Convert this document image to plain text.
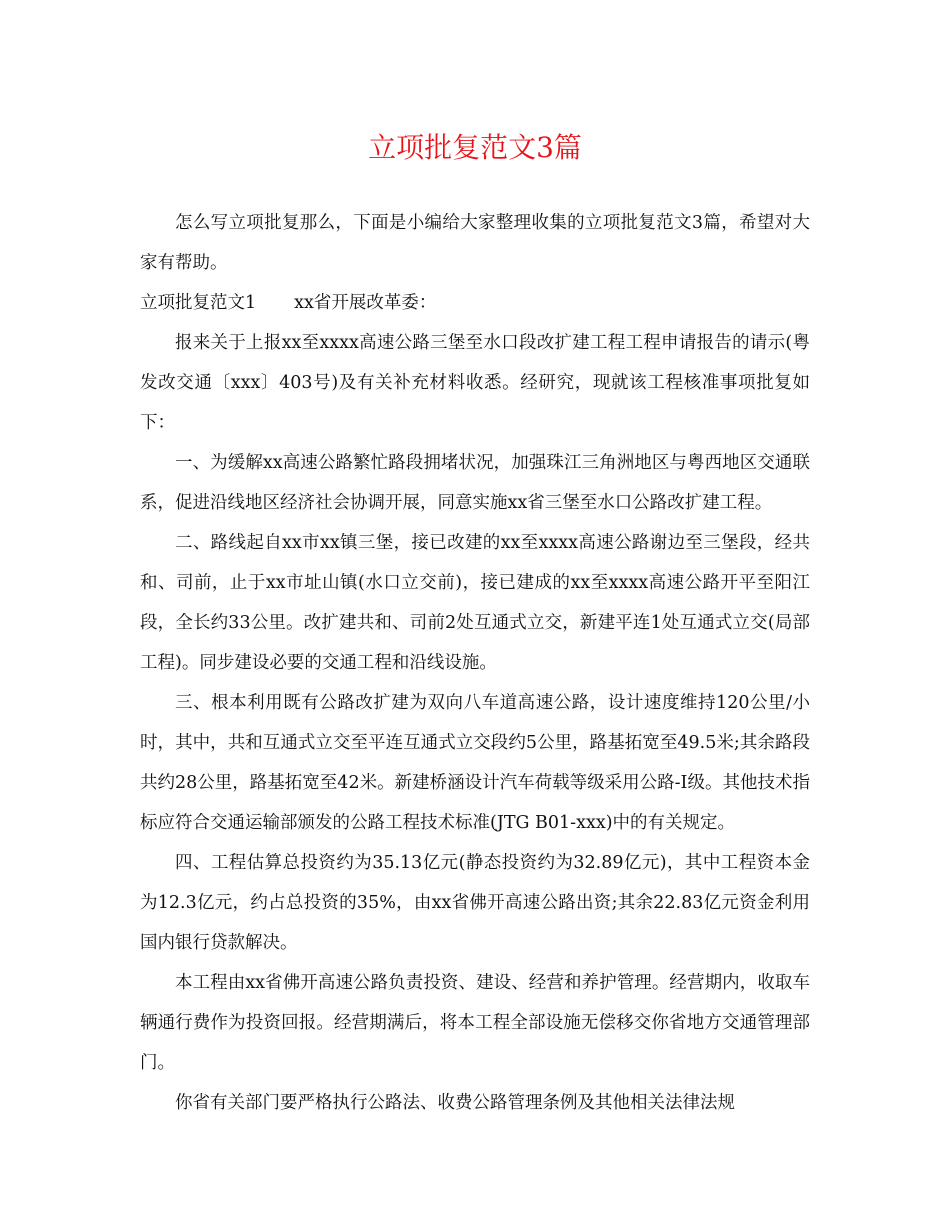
立项批复范文3篇

怎么写立项批复那么，下面是小编给大家整理收集的立项批复范文3篇，希望对大家有帮助。

立项批复范文1 xx省开展改革委：

报来关于上报xx至xxxx高速公路三堡至水口段改扩建工程工程申请报告的请示(粤发改交通〔xxx〕403号)及有关补充材料收悉。经研究，现就该工程核准事项批复如下：

一、为缓解xx高速公路繁忙路段拥堵状况，加强珠江三角洲地区与粤西地区交通联系，促进沿线地区经济社会协调开展，同意实施xx省三堡至水口公路改扩建工程。

二、路线起自xx市xx镇三堡，接已改建的xx至xxxx高速公路谢边至三堡段，经共和、司前，止于xx市址山镇(水口立交前)，接已建成的xx至xxxx高速公路开平至阳江段，全长约33公里。改扩建共和、司前2处互通式立交，新建平连1处互通式立交(局部工程)。同步建设必要的交通工程和沿线设施。

三、根本利用既有公路改扩建为双向八车道高速公路，设计速度维持120公里/小时，其中，共和互通式立交至平连互通式立交段约5公里，路基拓宽至49.5米;其余路段共约28公里，路基拓宽至42米。新建桥涵设计汽车荷载等级采用公路-Ⅰ级。其他技术指标应符合交通运输部颁发的公路工程技术标准(JTG B01-xxx)中的有关规定。

四、工程估算总投资约为35.13亿元(静态投资约为32.89亿元)，其中工程资本金为12.3亿元，约占总投资的35%，由xx省佛开高速公路出资;其余22.83亿元资金利用国内银行贷款解决。

本工程由xx省佛开高速公路负责投资、建设、经营和养护管理。经营期内，收取车辆通行费作为投资回报。经营期满后，将本工程全部设施无偿移交你省地方交通管理部门。

你省有关部门要严格执行公路法、收费公路管理条例及其他相关法律法规
